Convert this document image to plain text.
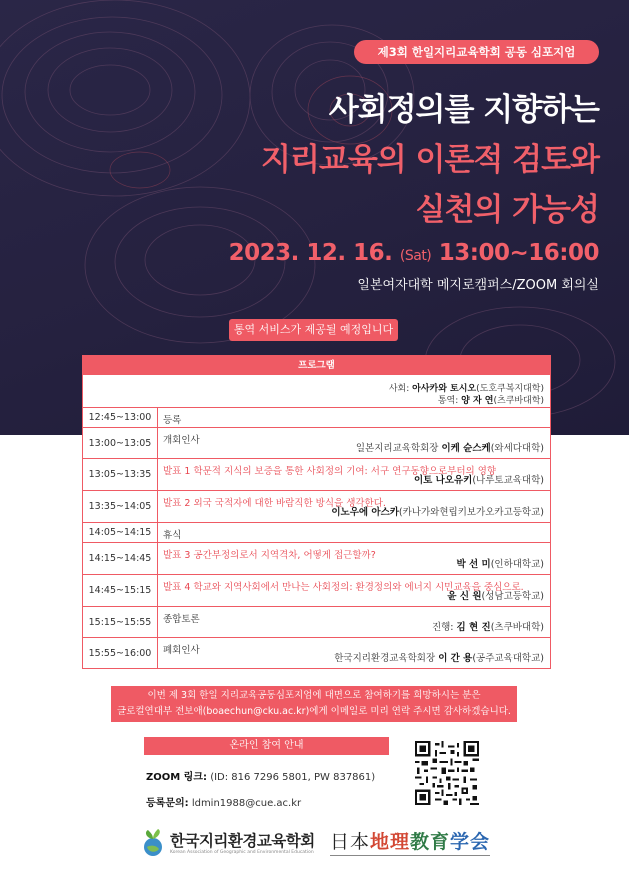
제3회 한일지리교육학회 공동 심포지엄
사회정의를 지향하는
지리교육의 이론적 검토와
실천의 가능성
2023. 12. 16. (Sat) 13:00~16:00
일본여자대학 메지로캠퍼스/ZOOM 회의실
통역 서비스가 제공될 예정입니다
프로그램
사회: 아사카와 토시오(도호쿠복지대학)
통역: 양 자 연(츠쿠바대학)
12:45~13:00	등록
13:00~13:05	개회인사
일본지리교육학회장 이케 슌스케(와세다대학)
13:05~13:35	발표 1 학문적 지식의 보증을 통한 사회정의 기여: 서구 연구동향으로부터의 영향
이토 나오유키(나루토교육대학)
13:35~14:05	발표 2 외국 국적자에 대한 바람직한 방식을 생각한다.
이노우에 아스카(카나가와현립키보가오카고등학교)
14:05~14:15	휴식
14:15~14:45	발표 3 공간부정의로서 지역격차, 어떻게 접근할까?
박 선 미(인하대학교)
14:45~15:15	발표 4 학교와 지역사회에서 만나는 사회정의: 환경정의와 에너지 시민교육을 중심으로.
윤 신 원(성남고등학교)
15:15~15:55	종합토론
진행: 김 현 진(츠쿠바대학)
15:55~16:00	폐회인사
한국지리환경교육학회장 이 간 용(공주교육대학교)
이번 제 3회 한일 지리교육공동심포지엄에 대면으로 참여하기를 희망하시는 분은
글로컬연대부 전보애(boaechun@cku.ac.kr)에게 이메일로 미리 연락 주시면 감사하겠습니다.
온라인 참여 안내
ZOOM 링크: (ID: 816 7296 5801, PW 837861)
등록문의: ldmin1988@cue.ac.kr
한국지리환경교육학회
Korean Association of Geographic and Environmental Education 日本地理教育学会
